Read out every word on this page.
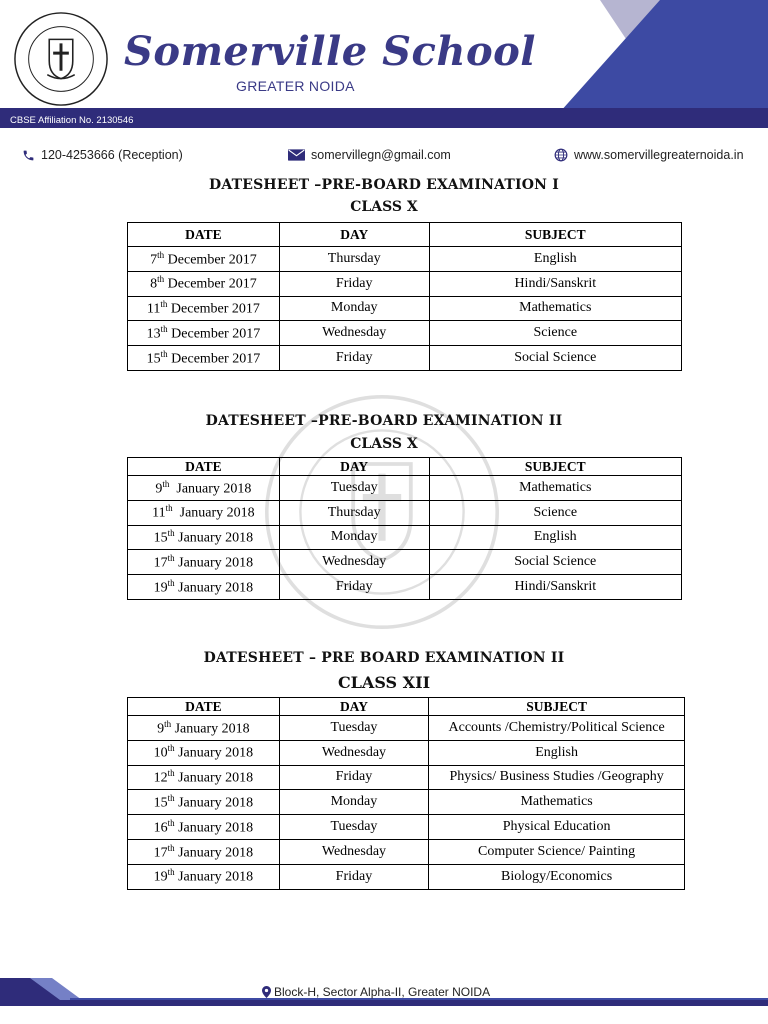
Somerville School
GREATER NOIDA
CBSE Affiliation No. 2130546
120-4253666 (Reception)	somervillegn@gmail.com	www.somervillegreaternoida.in
DATESHEET –PRE-BOARD EXAMINATION I
CLASS X
DATE	DAY	SUBJECT
7th December 2017	Thursday	English
8th December 2017	Friday	Hindi/Sanskrit
11th December 2017	Monday	Mathematics
13th December 2017	Wednesday	Science
15th December 2017	Friday	Social Science
DATESHEET –PRE-BOARD EXAMINATION II
CLASS X
DATE	DAY	SUBJECT
9th  January 2018	Tuesday	Mathematics
11th  January 2018	Thursday	Science
15th January 2018	Monday	English
17th January 2018	Wednesday	Social Science
19th January 2018	Friday	Hindi/Sanskrit
DATESHEET – PRE BOARD EXAMINATION II
CLASS XII
DATE	DAY	SUBJECT
9th January 2018	Tuesday	Accounts /Chemistry/Political Science
10th January 2018	Wednesday	English
12th January 2018	Friday	Physics/ Business Studies /Geography
15th January 2018	Monday	Mathematics
16th January 2018	Tuesday	Physical Education
17th January 2018	Wednesday	Computer Science/ Painting
19th January 2018	Friday	Biology/Economics
Block-H, Sector Alpha-II, Greater NOIDA
